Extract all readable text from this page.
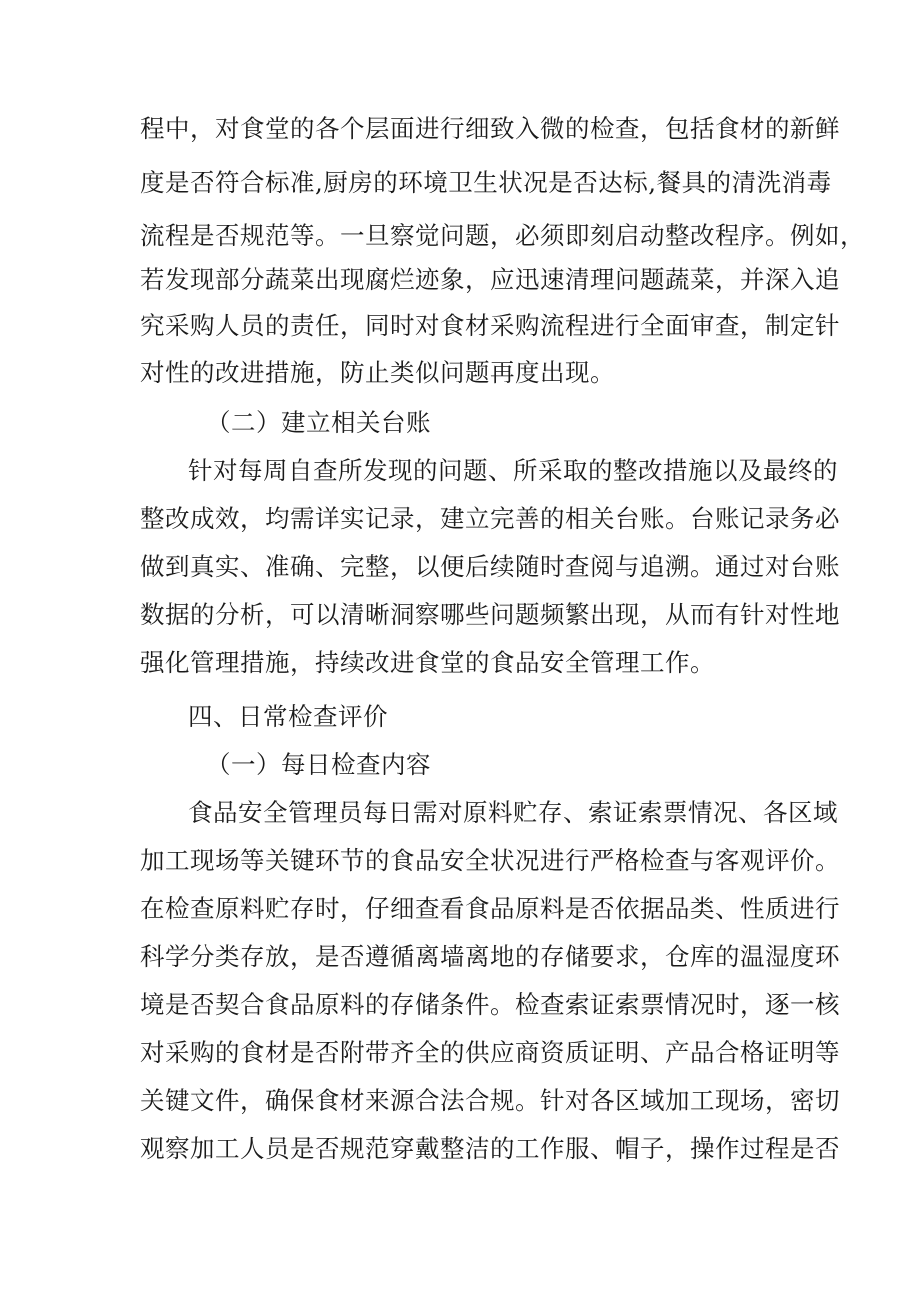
程中，对食堂的各个层面进行细致入微的检查，包括食材的新鲜
度是否符合标准,厨房的环境卫生状况是否达标,餐具的清洗消毒
流程是否规范等。一旦察觉问题，必须即刻启动整改程序。例如，
若发现部分蔬菜出现腐烂迹象，应迅速清理问题蔬菜，并深入追
究采购人员的责任，同时对食材采购流程进行全面审查，制定针
对性的改进措施，防止类似问题再度出现。
（二）建立相关台账
针对每周自查所发现的问题、所采取的整改措施以及最终的
整改成效，均需详实记录，建立完善的相关台账。台账记录务必
做到真实、准确、完整，以便后续随时查阅与追溯。通过对台账
数据的分析，可以清晰洞察哪些问题频繁出现，从而有针对性地
强化管理措施，持续改进食堂的食品安全管理工作。
四、日常检查评价
（一）每日检查内容
食品安全管理员每日需对原料贮存、索证索票情况、各区域
加工现场等关键环节的食品安全状况进行严格检查与客观评价。
在检查原料贮存时，仔细查看食品原料是否依据品类、性质进行
科学分类存放，是否遵循离墙离地的存储要求，仓库的温湿度环
境是否契合食品原料的存储条件。检查索证索票情况时，逐一核
对采购的食材是否附带齐全的供应商资质证明、产品合格证明等
关键文件，确保食材来源合法合规。针对各区域加工现场，密切
观察加工人员是否规范穿戴整洁的工作服、帽子，操作过程是否
